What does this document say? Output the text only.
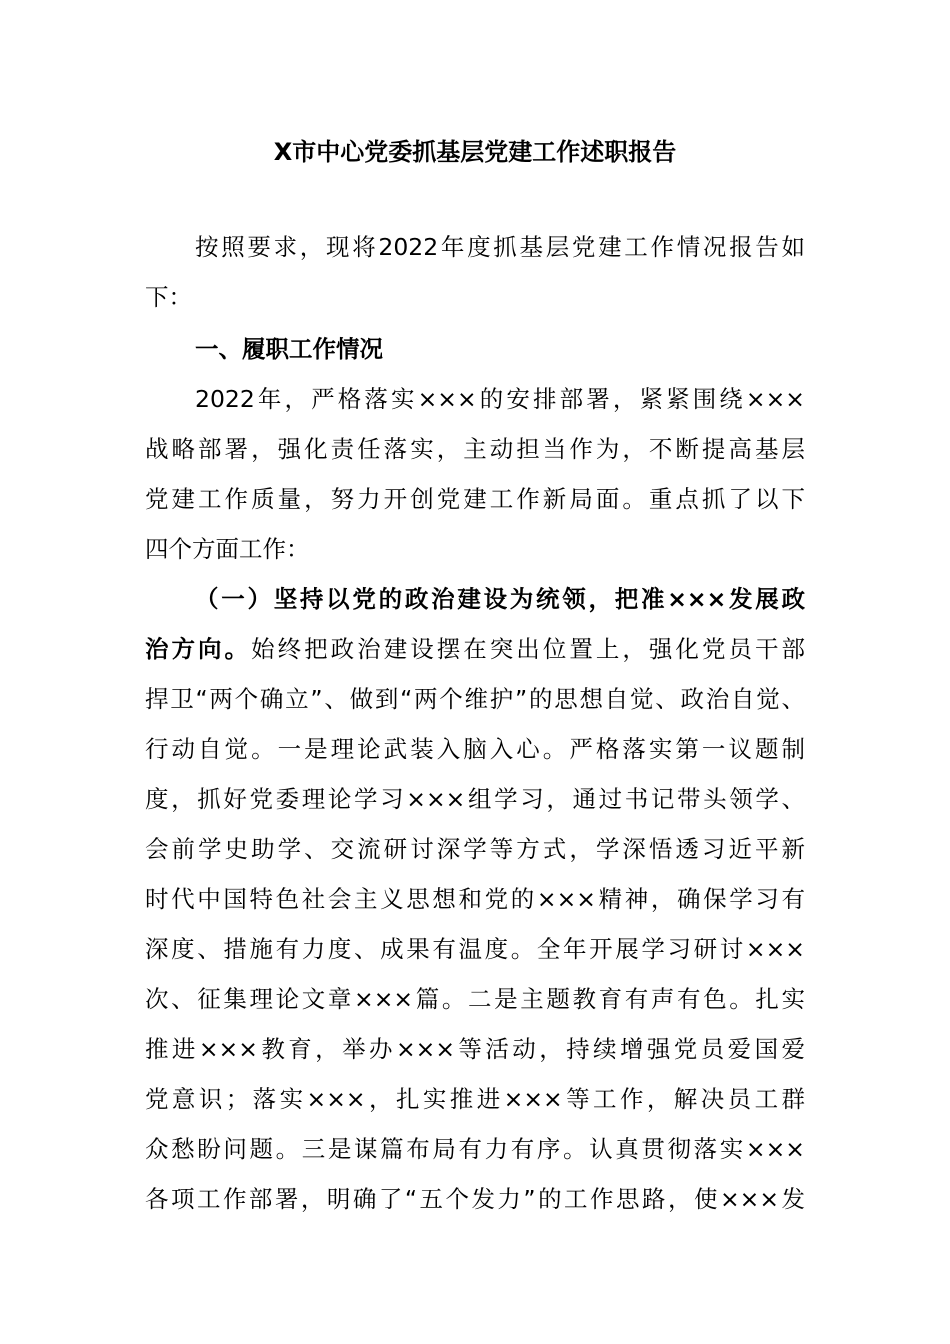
X市中心党委抓基层党建工作述职报告
按照要求，现将2022年度抓基层党建工作情况报告如
下：
一、履职工作情况
2022年，严格落实×××的安排部署，紧紧围绕×××
战略部署，强化责任落实，主动担当作为，不断提高基层
党建工作质量，努力开创党建工作新局面。重点抓了以下
四个方面工作：
（一）坚持以党的政治建设为统领，把准×××发展政
治方向。始终把政治建设摆在突出位置上，强化党员干部
捍卫“两个确立”、做到“两个维护”的思想自觉、政治自觉、
行动自觉。一是理论武装入脑入心。严格落实第一议题制
度，抓好党委理论学习×××组学习，通过书记带头领学、
会前学史助学、交流研讨深学等方式，学深悟透习近平新
时代中国特色社会主义思想和党的×××精神，确保学习有
深度、措施有力度、成果有温度。全年开展学习研讨×××
次、征集理论文章×××篇。二是主题教育有声有色。扎实
推进×××教育，举办×××等活动，持续增强党员爱国爱
党意识；落实×××，扎实推进×××等工作，解决员工群
众愁盼问题。三是谋篇布局有力有序。认真贯彻落实×××
各项工作部署，明确了“五个发力”的工作思路，使×××发
